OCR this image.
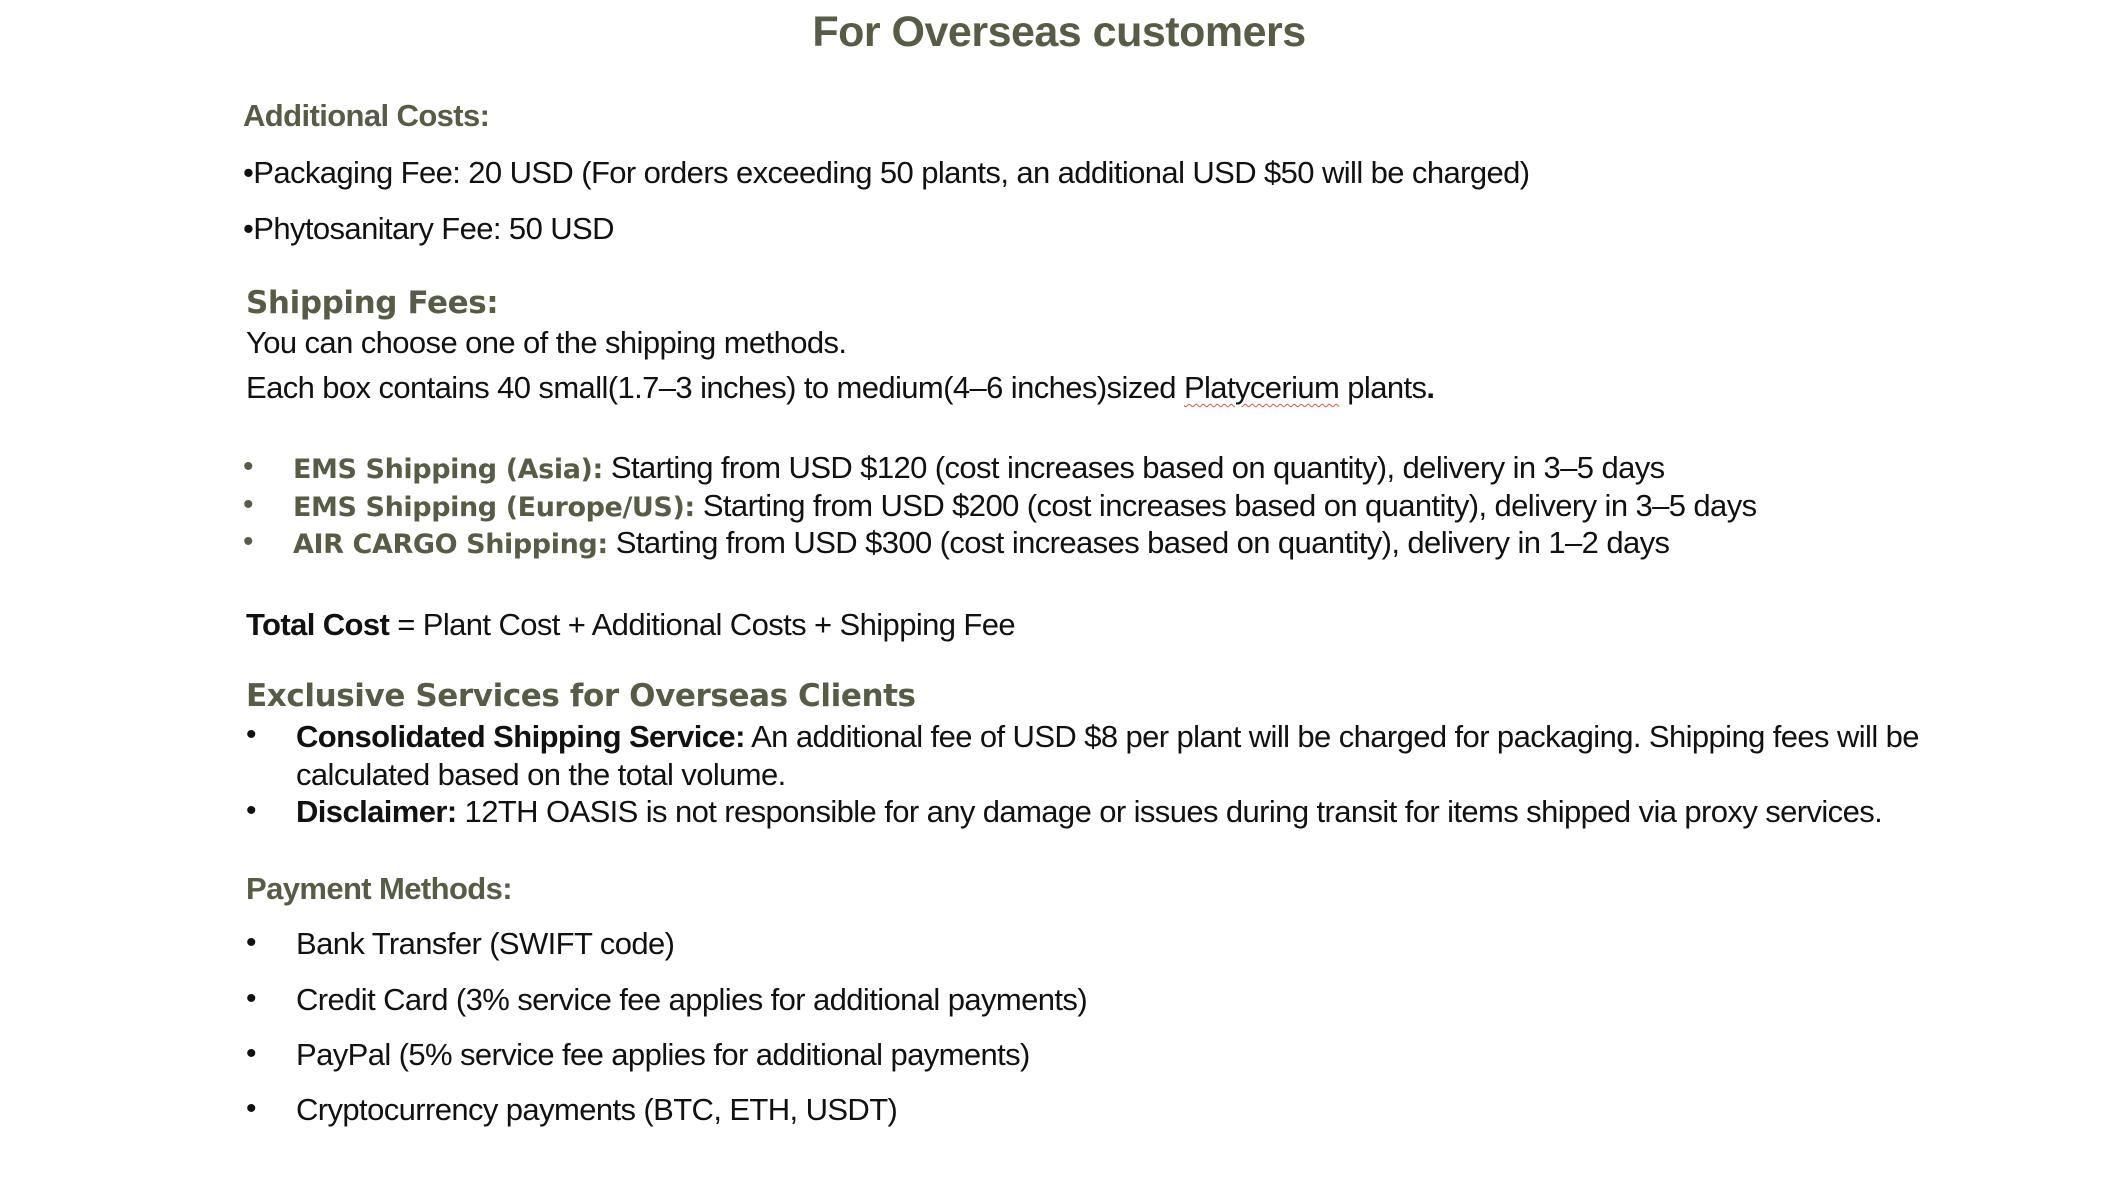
For Overseas customers
Additional Costs:
•Packaging Fee: 20 USD (For orders exceeding 50 plants, an additional USD $50 will be charged)
•Phytosanitary Fee: 50 USD
Shipping Fees:
You can choose one of the shipping methods.
Each box contains 40 small(1.7–3 inches) to medium(4–6 inches)sized Platycerium plants.
• EMS Shipping (Asia): Starting from USD $120 (cost increases based on quantity), delivery in 3–5 days
• EMS Shipping (Europe/US): Starting from USD $200 (cost increases based on quantity), delivery in 3–5 days
• AIR CARGO Shipping: Starting from USD $300 (cost increases based on quantity), delivery in 1–2 days
Total Cost = Plant Cost + Additional Costs + Shipping Fee
Exclusive Services for Overseas Clients
• Consolidated Shipping Service: An additional fee of USD $8 per plant will be charged for packaging. Shipping fees will be calculated based on the total volume.
• Disclaimer: 12TH OASIS is not responsible for any damage or issues during transit for items shipped via proxy services.
Payment Methods:
• Bank Transfer (SWIFT code)
• Credit Card (3% service fee applies for additional payments)
• PayPal (5% service fee applies for additional payments)
• Cryptocurrency payments (BTC, ETH, USDT)
